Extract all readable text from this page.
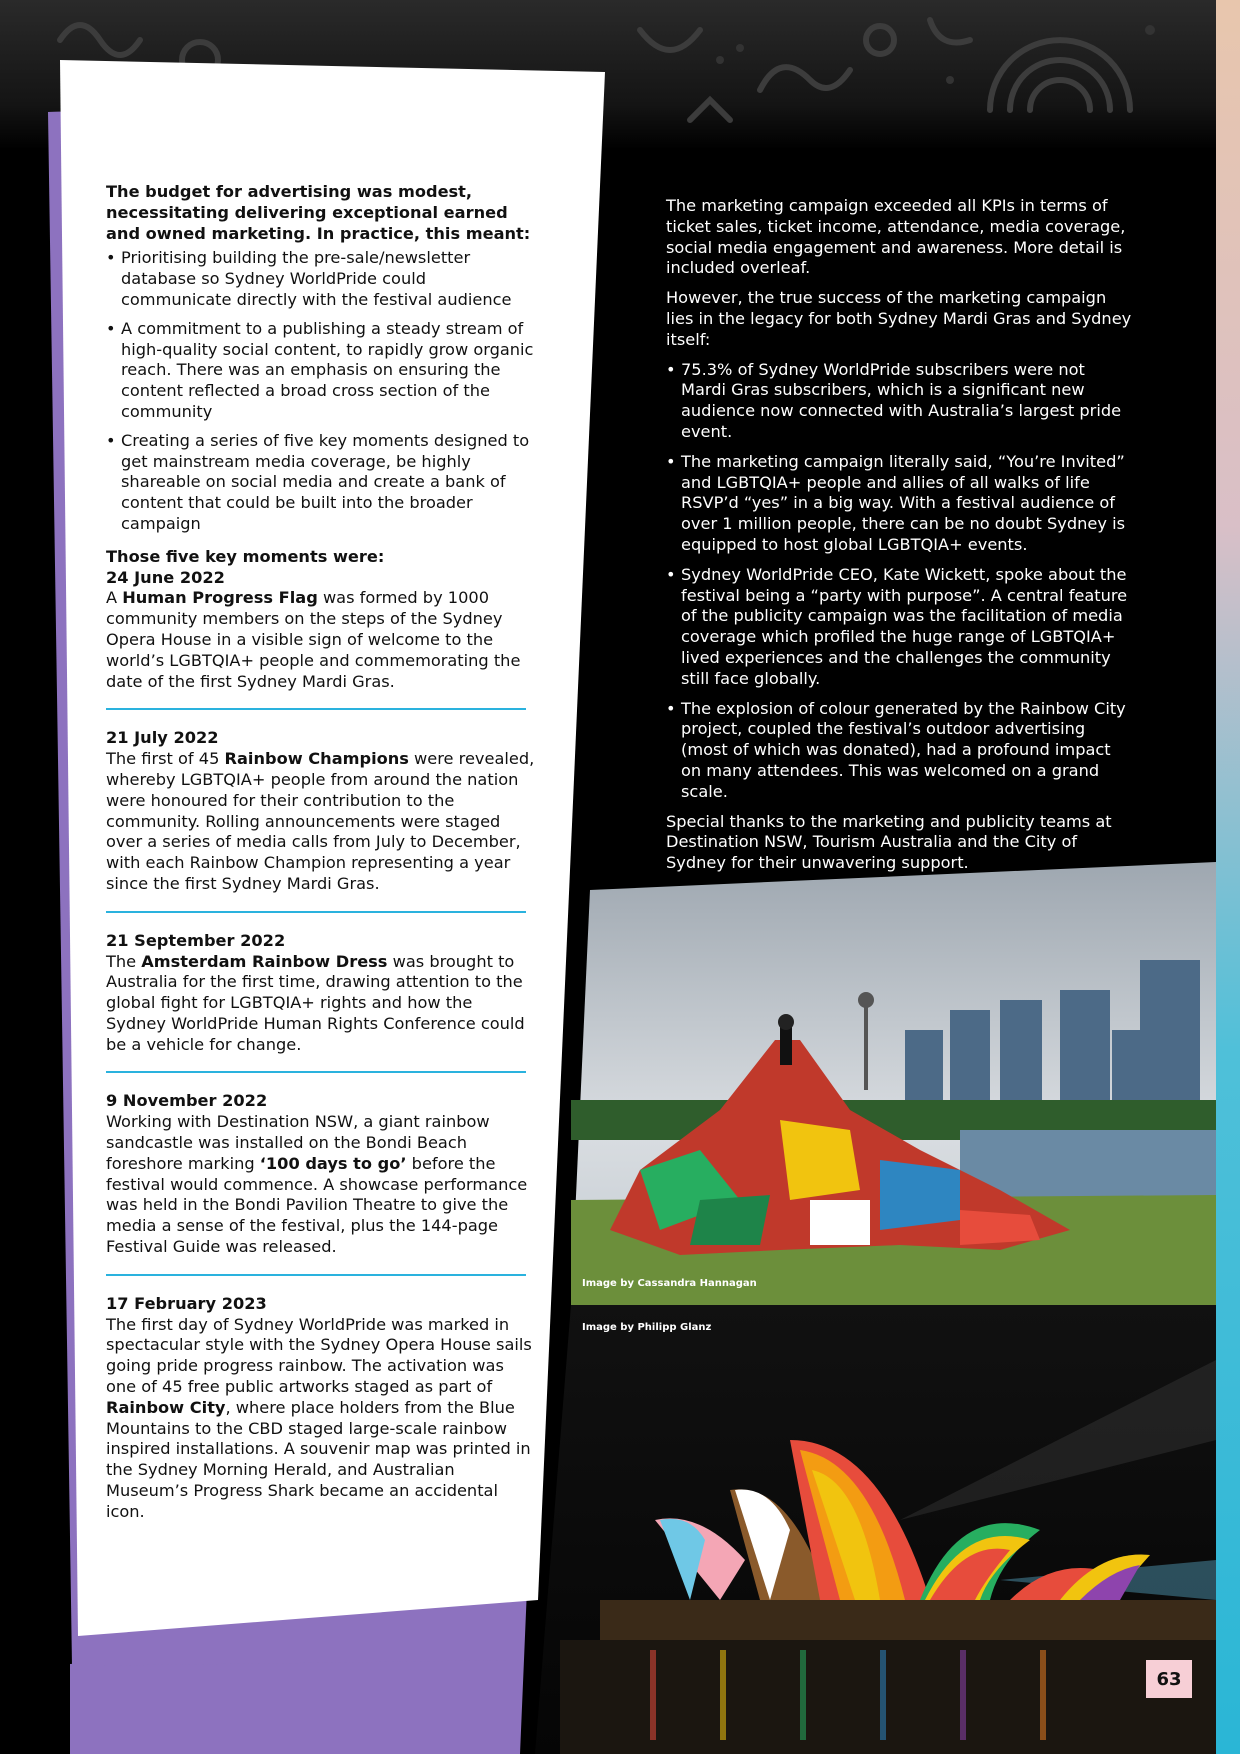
The budget for advertising was modest, necessitating delivering exceptional earned and owned marketing. In practice, this meant:

• Prioritising building the pre-sale/newsletter database so Sydney WorldPride could communicate directly with the festival audience
• A commitment to a publishing a steady stream of high-quality social content, to rapidly grow organic reach. There was an emphasis on ensuring the content reflected a broad cross section of the community
• Creating a series of five key moments designed to get mainstream media coverage, be highly shareable on social media and create a bank of content that could be built into the broader campaign

Those five key moments were:

24 June 2022

A Human Progress Flag was formed by 1000 community members on the steps of the Sydney Opera House in a visible sign of welcome to the world’s LGBTQIA+ people and commemorating the date of the first Sydney Mardi Gras.

21 July 2022

The first of 45 Rainbow Champions were revealed, whereby LGBTQIA+ people from around the nation were honoured for their contribution to the community. Rolling announcements were staged over a series of media calls from July to December, with each Rainbow Champion representing a year since the first Sydney Mardi Gras.

21 September 2022

The Amsterdam Rainbow Dress was brought to Australia for the first time, drawing attention to the global fight for LGBTQIA+ rights and how the Sydney WorldPride Human Rights Conference could be a vehicle for change.

9 November 2022

Working with Destination NSW, a giant rainbow sandcastle was installed on the Bondi Beach foreshore marking ‘100 days to go’ before the festival would commence. A showcase performance was held in the Bondi Pavilion Theatre to give the media a sense of the festival, plus the 144-page Festival Guide was released.

17 February 2023

The first day of Sydney WorldPride was marked in spectacular style with the Sydney Opera House sails going pride progress rainbow. The activation was one of 45 free public artworks staged as part of Rainbow City, where place holders from the Blue Mountains to the CBD staged large-scale rainbow inspired installations. A souvenir map was printed in the Sydney Morning Herald, and Australian Museum’s Progress Shark became an accidental icon.

The marketing campaign exceeded all KPIs in terms of ticket sales, ticket income, attendance, media coverage, social media engagement and awareness. More detail is included overleaf.

However, the true success of the marketing campaign lies in the legacy for both Sydney Mardi Gras and Sydney itself:

• 75.3% of Sydney WorldPride subscribers were not Mardi Gras subscribers, which is a significant new audience now connected with Australia’s largest pride event.
• The marketing campaign literally said, “You’re Invited” and LGBTQIA+ people and allies of all walks of life RSVP’d “yes” in a big way. With a festival audience of over 1 million people, there can be no doubt Sydney is equipped to host global LGBTQIA+ events.
• Sydney WorldPride CEO, Kate Wickett, spoke about the festival being a “party with purpose”. A central feature of the publicity campaign was the facilitation of media coverage which profiled the huge range of LGBTQIA+ lived experiences and the challenges the community still face globally.
• The explosion of colour generated by the Rainbow City project, coupled the festival’s outdoor advertising (most of which was donated), had a profound impact on many attendees. This was welcomed on a grand scale.

Special thanks to the marketing and publicity teams at Destination NSW, Tourism Australia and the City of Sydney for their unwavering support.

Image by Cassandra Hannagan
Image by Philipp Glanz
63
